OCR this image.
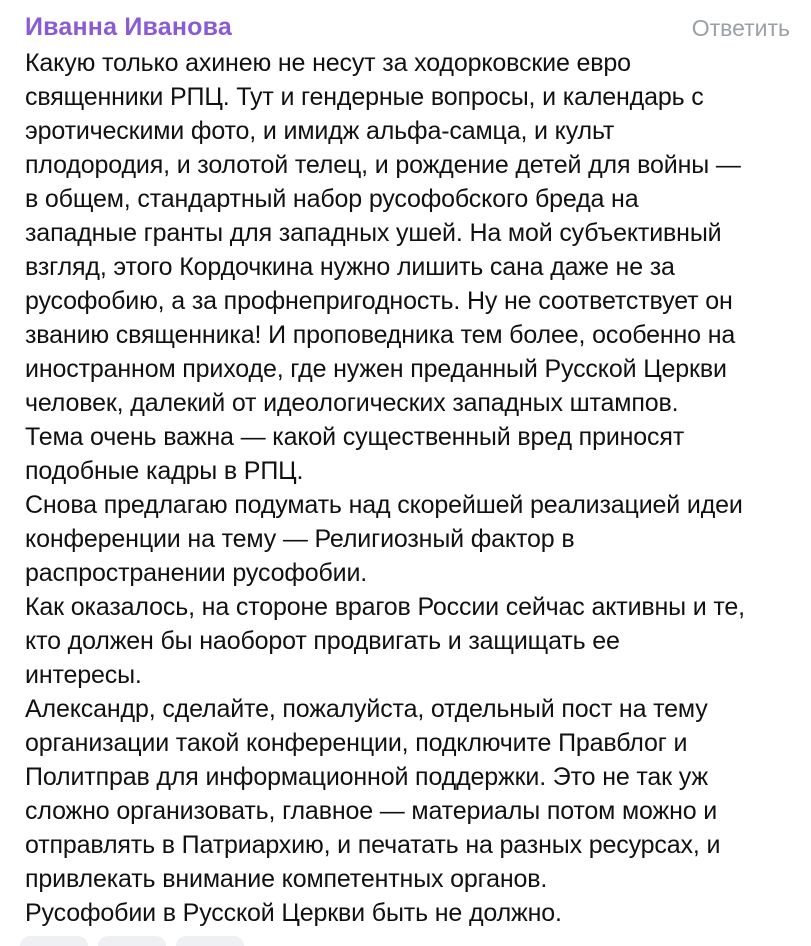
Иванна Иванова	Ответить
Какую только ахинею не несут за ходорковские евро
священники РПЦ. Тут и гендерные вопросы, и календарь с
эротическими фото, и имидж альфа-самца, и культ
плодородия, и золотой телец, и рождение детей для войны —
в общем, стандартный набор русофобского бреда на
западные гранты для западных ушей. На мой субъективный
взгляд, этого Кордочкина нужно лишить сана даже не за
русофобию, а за профнепригодность. Ну не соответствует он
званию священника! И проповедника тем более, особенно на
иностранном приходе, где нужен преданный Русской Церкви
человек, далекий от идеологических западных штампов.
Тема очень важна — какой существенный вред приносят
подобные кадры в РПЦ.
Снова предлагаю подумать над скорейшей реализацией идеи
конференции на тему — Религиозный фактор в
распространении русофобии.
Как оказалось, на стороне врагов России сейчас активны и те,
кто должен бы наоборот продвигать и защищать ее
интересы.
Александр, сделайте, пожалуйста, отдельный пост на тему
организации такой конференции, подключите Правблог и
Политправ для информационной поддержки. Это не так уж
сложно организовать, главное — материалы потом можно и
отправлять в Патриархию, и печатать на разных ресурсах, и
привлекать внимание компетентных органов.
Русофобии в Русской Церкви быть не должно.
